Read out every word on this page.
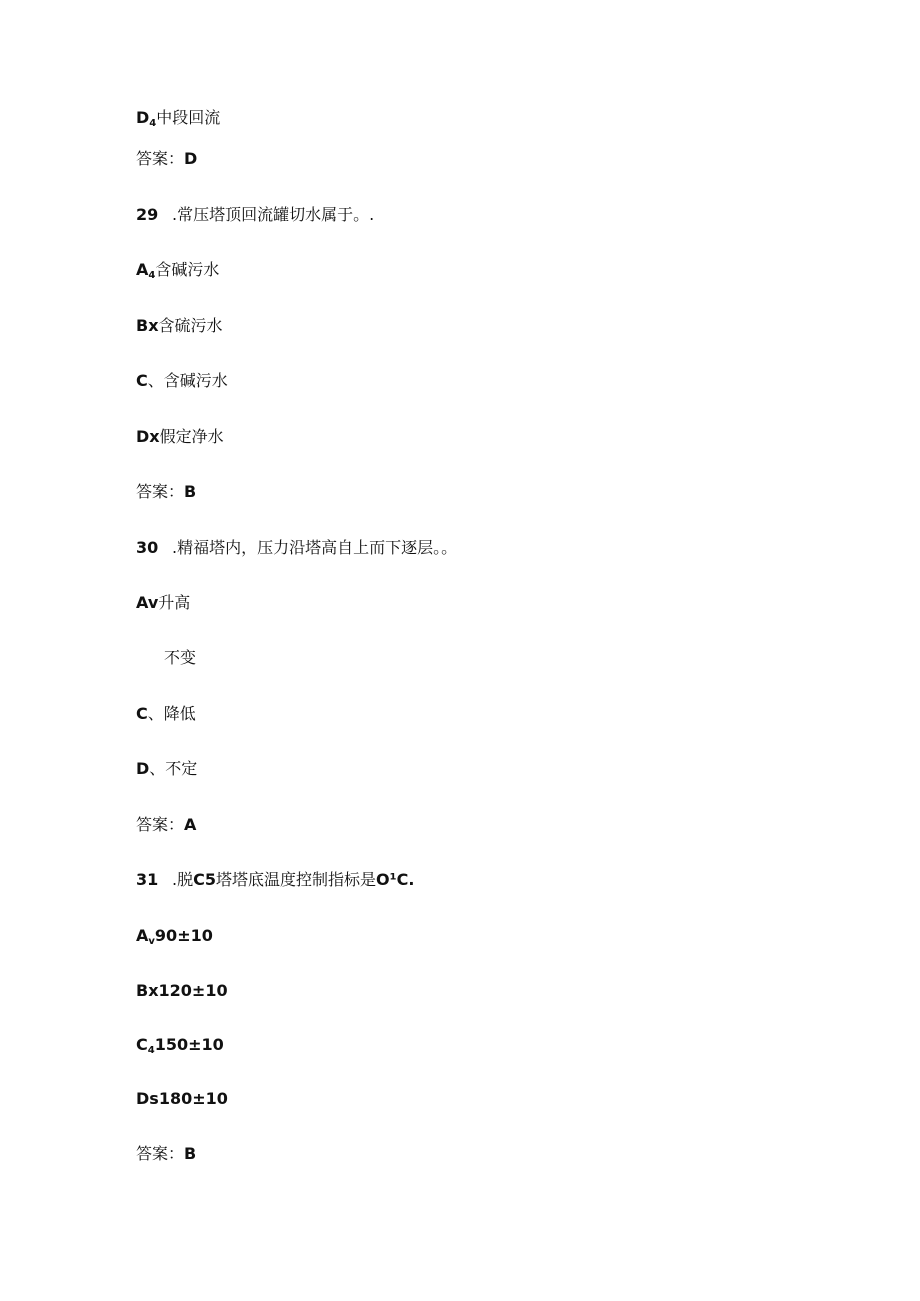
D4中段回流
答案：D
29 .常压塔顶回流罐切水属于。.
A4含碱污水
Bx含硫污水
C、含碱污水
Dx假定净水
答案：B
30 .精福塔内，压力沿塔高自上而下逐层。。
Av升高
不变
C、降低
D、不定
答案：A
31 .脱C5塔塔底温度控制指标是O¹C.
Av90±10
Bx120±10
C4150±10
Ds180±10
答案：B
